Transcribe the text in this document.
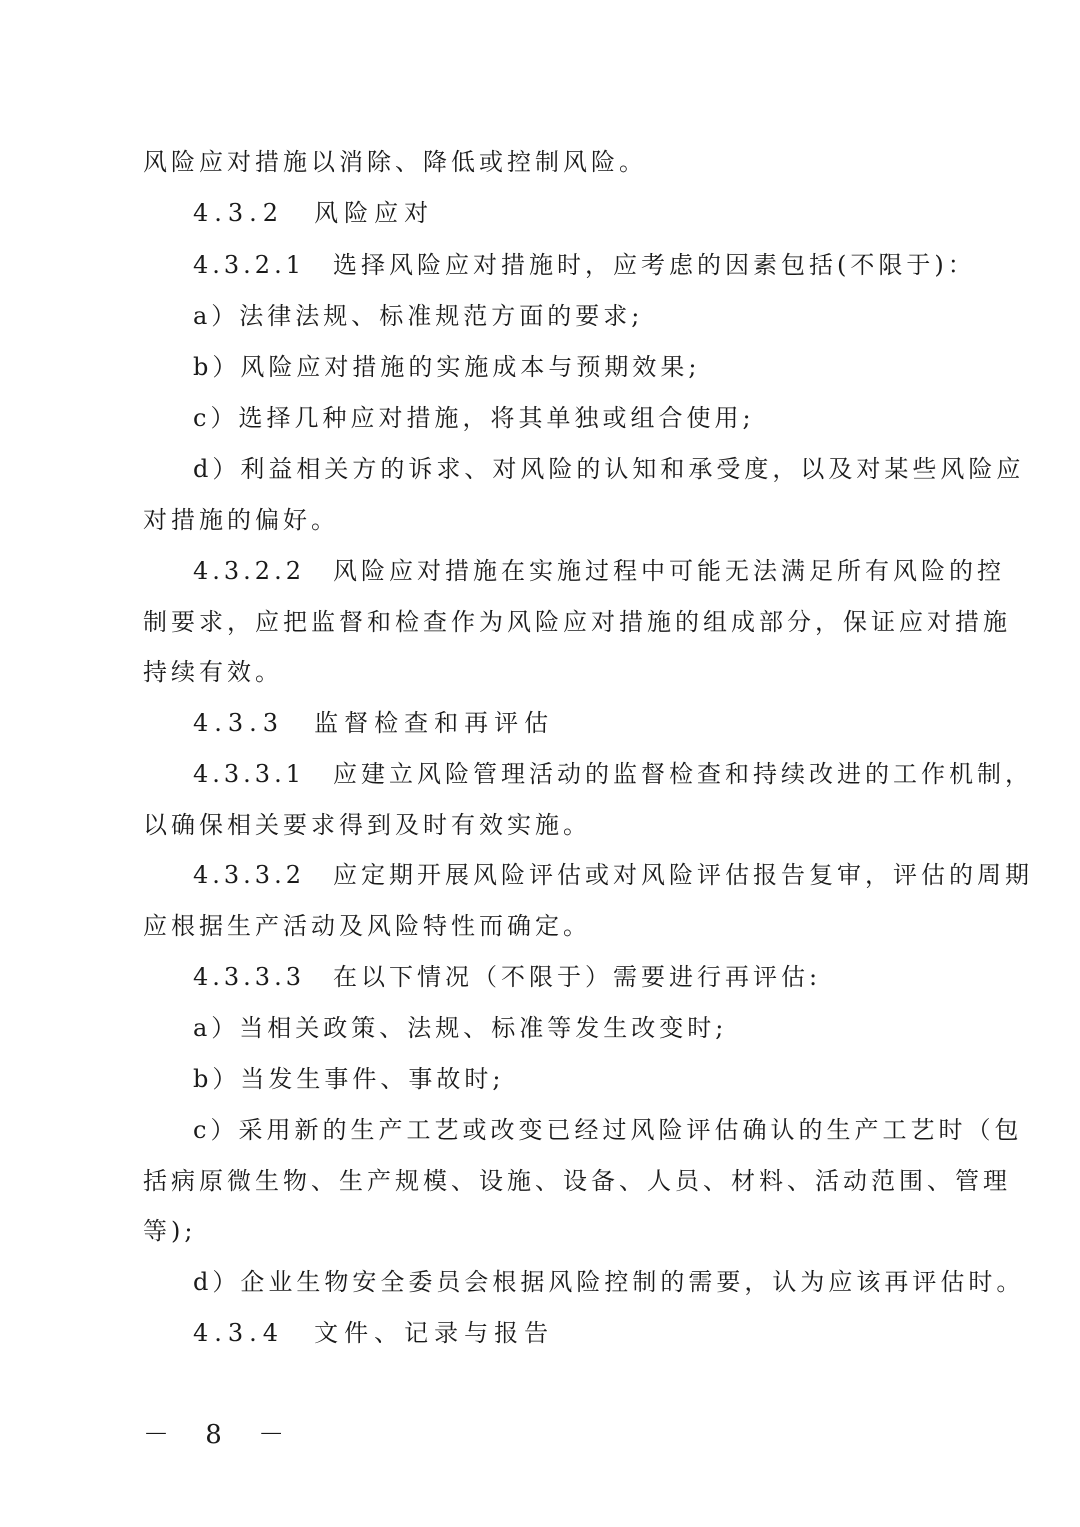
风险应对措施以消除、降低或控制风险。
4.3.2　风险应对
4.3.2.1　选择风险应对措施时，应考虑的因素包括(不限于)：
a）法律法规、标准规范方面的要求;
b）风险应对措施的实施成本与预期效果;
c）选择几种应对措施，将其单独或组合使用;
d）利益相关方的诉求、对风险的认知和承受度，以及对某些风险应
对措施的偏好。
4.3.2.2　风险应对措施在实施过程中可能无法满足所有风险的控
制要求，应把监督和检查作为风险应对措施的组成部分，保证应对措施
持续有效。
4.3.3　监督检查和再评估
4.3.3.1　应建立风险管理活动的监督检查和持续改进的工作机制，
以确保相关要求得到及时有效实施。
4.3.3.2　应定期开展风险评估或对风险评估报告复审，评估的周期
应根据生产活动及风险特性而确定。
4.3.3.3　在以下情况（不限于）需要进行再评估:
a）当相关政策、法规、标准等发生改变时;
b）当发生事件、事故时;
c）采用新的生产工艺或改变已经过风险评估确认的生产工艺时（包
括病原微生物、生产规模、设施、设备、人员、材料、活动范围、管理
等);
d）企业生物安全委员会根据风险控制的需要，认为应该再评估时。
4.3.4　文件、记录与报告
－ 8 －
